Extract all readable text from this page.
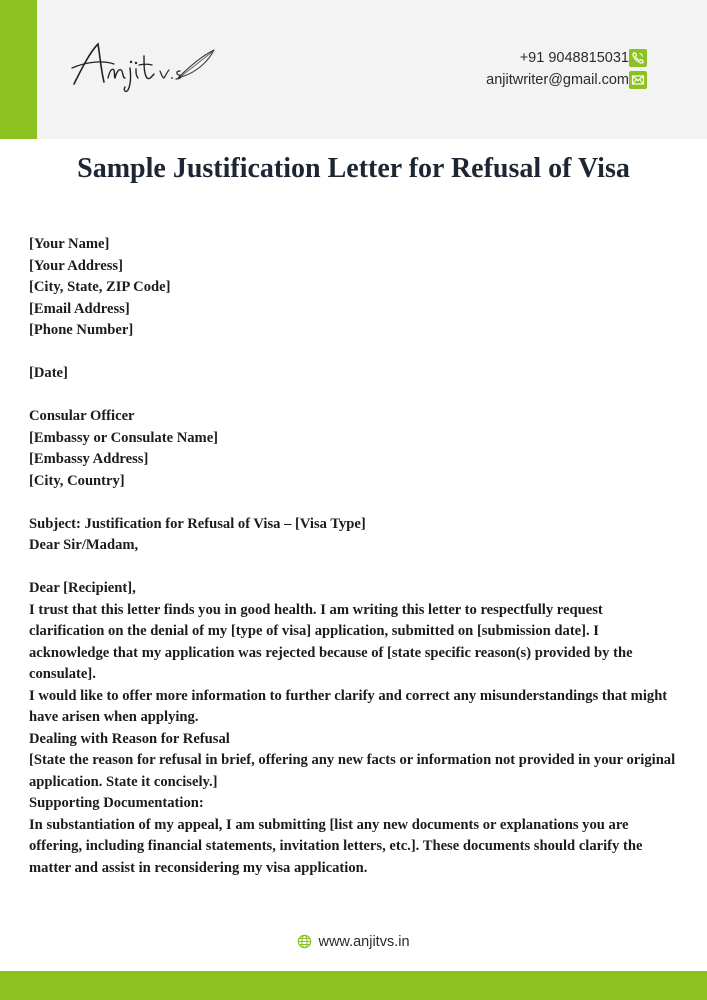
+91 9048815031
anjitwriter@gmail.com
Sample Justification Letter for Refusal of Visa
[Your Name]
[Your Address]
[City, State, ZIP Code]
[Email Address]
[Phone Number]
[Date]
Consular Officer
[Embassy or Consulate Name]
[Embassy Address]
[City, Country]
Subject: Justification for Refusal of Visa – [Visa Type]
Dear Sir/Madam,

Dear [Recipient],

I trust that this letter finds you in good health. I am writing this letter to respectfully request clarification on the denial of my [type of visa] application, submitted on [submission date]. I acknowledge that my application was rejected because of [state specific reason(s) provided by the consulate].

I would like to offer more information to further clarify and correct any misunderstandings that might have arisen when applying.

Dealing with Reason for Refusal

[State the reason for refusal in brief, offering any new facts or information not provided in your original application. State it concisely.]

Supporting Documentation:

In substantiation of my appeal, I am submitting [list any new documents or explanations you are offering, including financial statements, invitation letters, etc.]. These documents should clarify the matter and assist in reconsidering my visa application.

www.anjitvs.in
